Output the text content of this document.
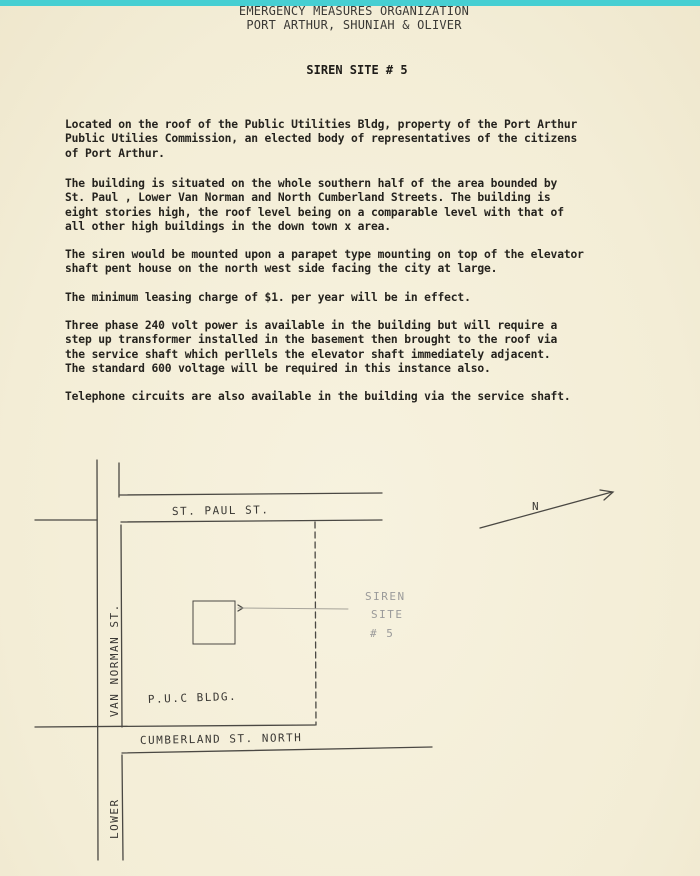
EMERGENCY MEASURES ORGANIZATION
PORT ARTHUR, SHUNIAH & OLIVER
SIREN SITE # 5
Located on the roof of the Public Utilities Bldg, property of the Port Arthur
Public Utilies Commission, an elected body of representatives of the citizens
of Port Arthur.
The building is situated on the whole southern half of the area bounded by
St. Paul , Lower Van Norman and North Cumberland Streets. The building is
eight stories high, the roof level being on a comparable level with that of
all other high buildings in the down town x area.
The siren would be mounted upon a parapet type mounting on top of the elevator
shaft pent house on the north west side facing the city at large.
The minimum leasing charge of $1. per year will be in effect.
Three phase 240 volt power is available in the building but will require a
step up transformer installed in the basement then brought to the roof via
the service shaft which perllels the elevator shaft immediately adjacent.
The standard 600 voltage will be required in this instance also.
Telephone circuits are also available in the building via the service shaft.
ST. PAUL ST.
VAN NORMAN ST.
CUMBERLAND ST. NORTH
LOWER
P.U.C BLDG.
SIREN
SITE
# 5
N
